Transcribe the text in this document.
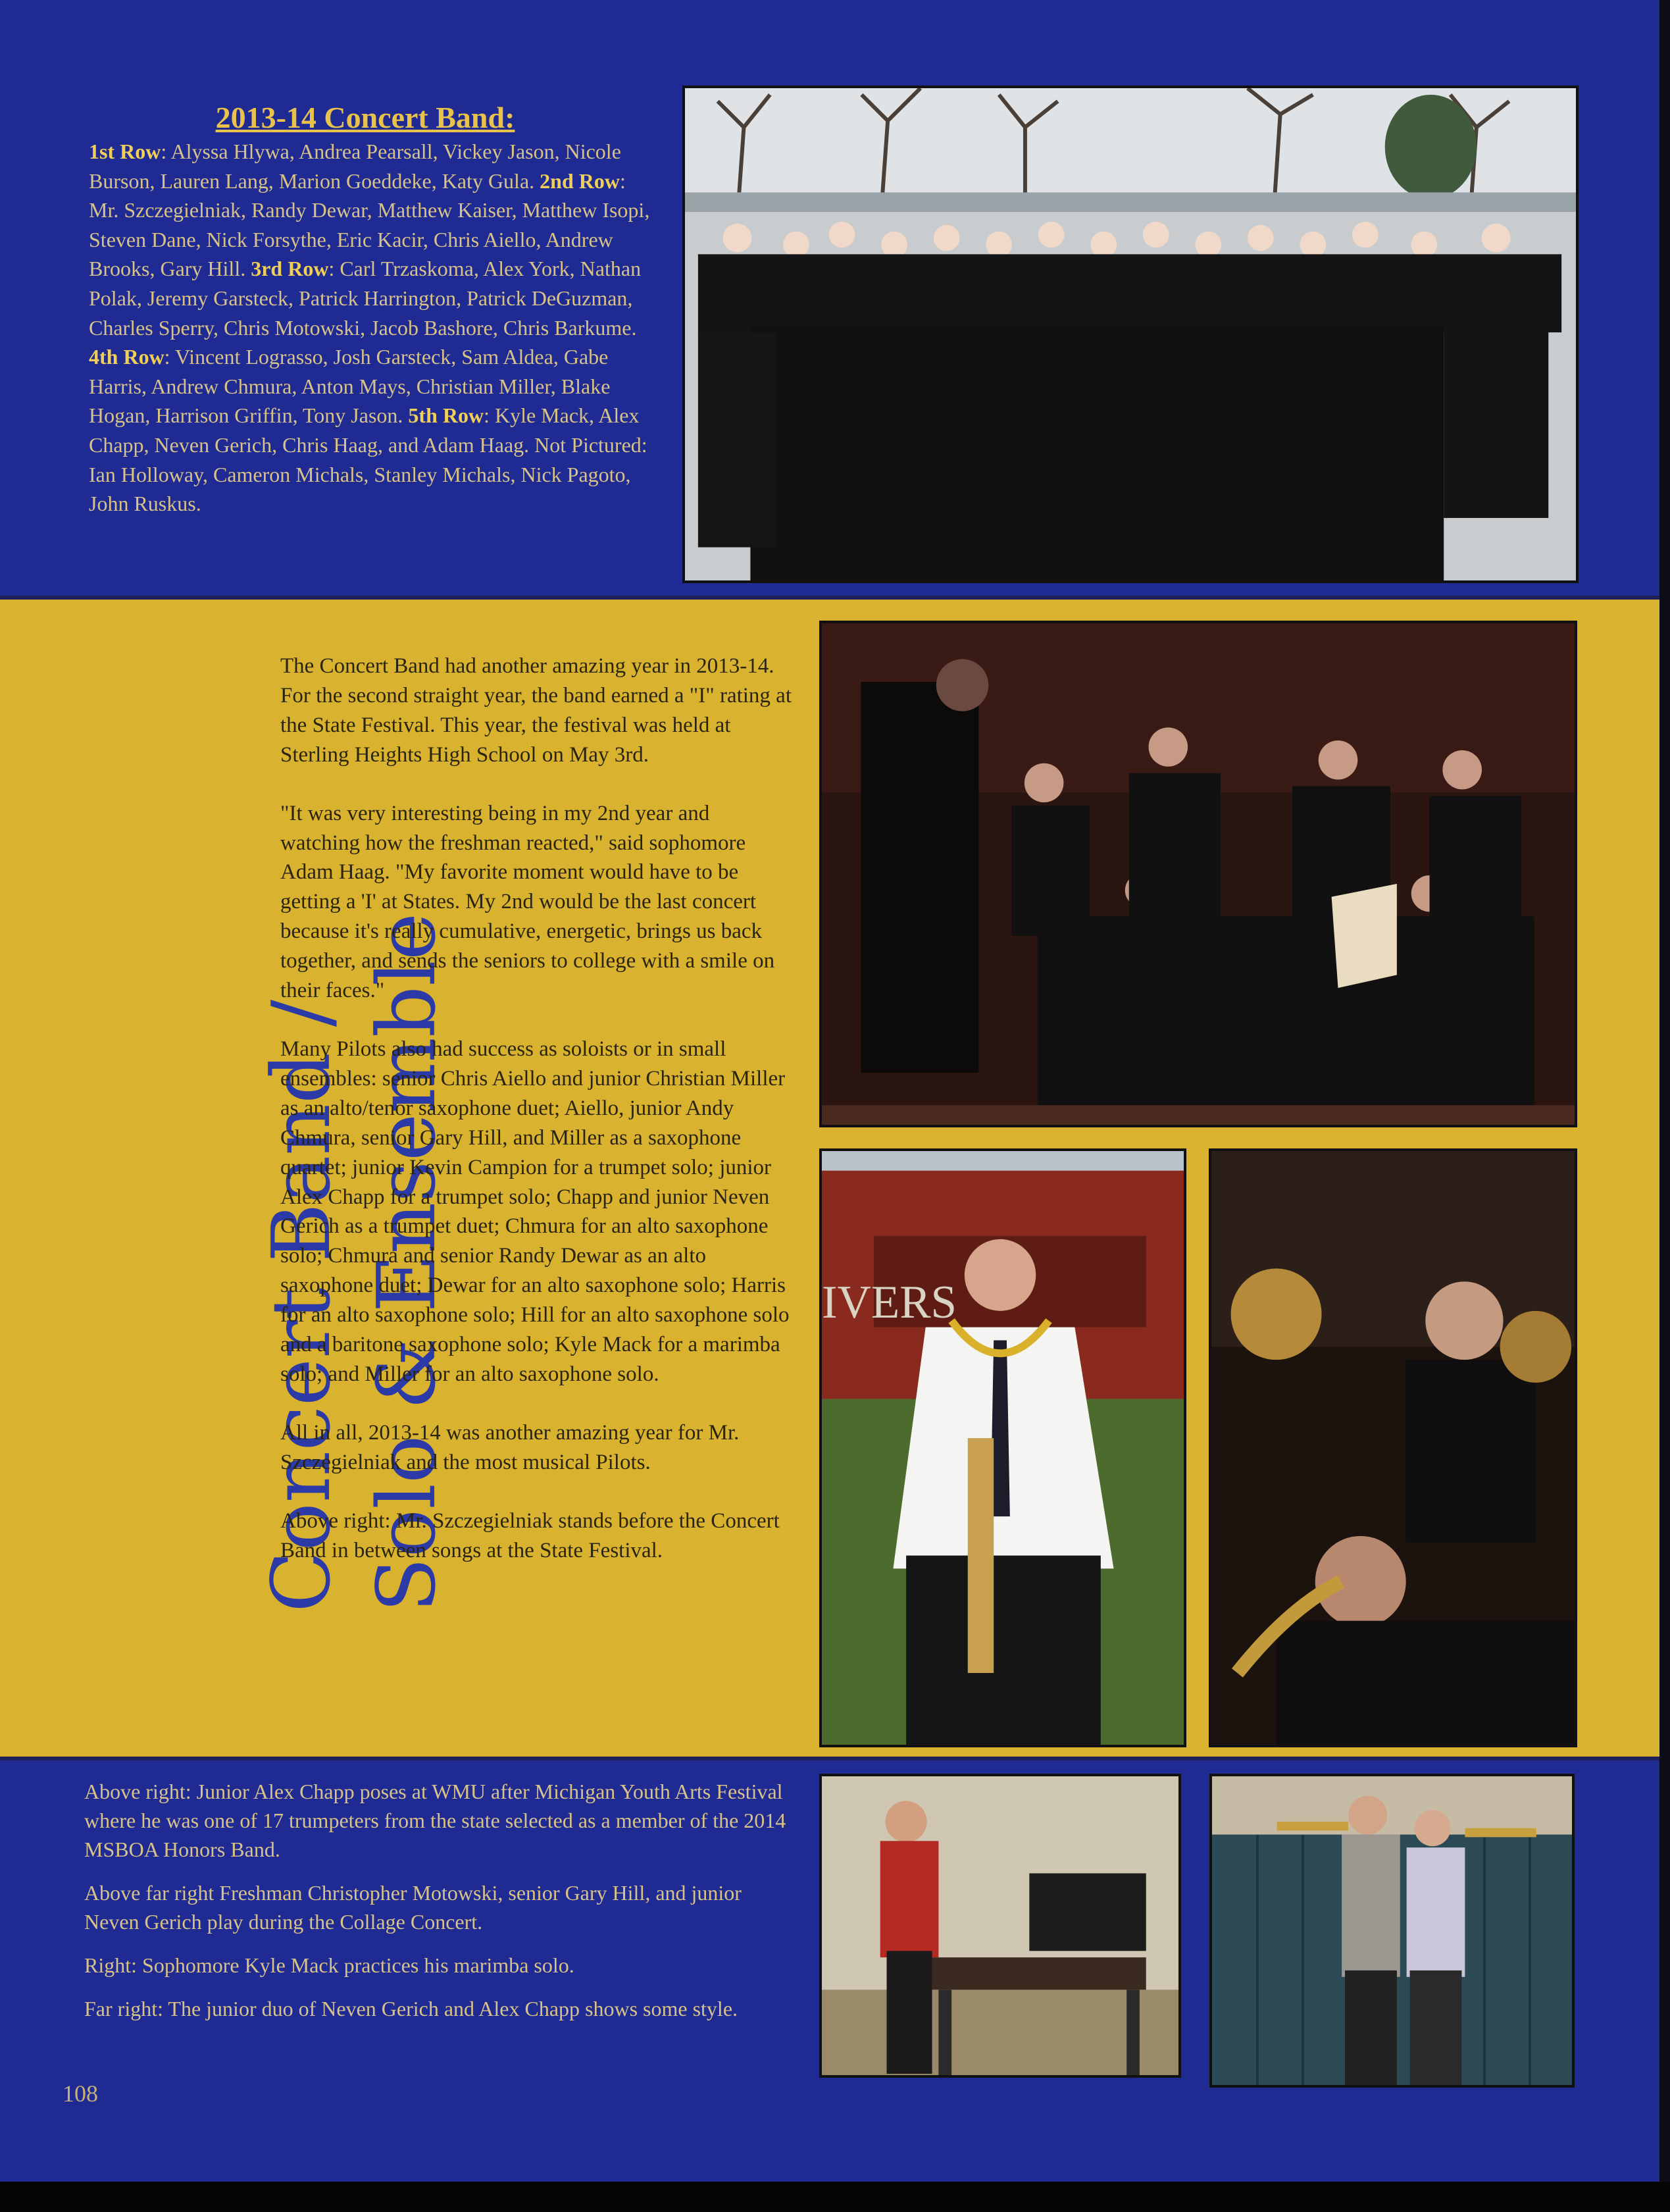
2013-14 Concert Band:
1st Row: Alyssa Hlywa, Andrea Pearsall, Vickey Jason, Nicole Burson, Lauren Lang, Marion Goeddeke, Katy Gula. 2nd Row: Mr. Szczegielniak, Randy Dewar, Matthew Kaiser, Matthew Isopi, Steven Dane, Nick Forsythe, Eric Kacir, Chris Aiello, Andrew Brooks, Gary Hill. 3rd Row: Carl Trzaskoma, Alex York, Nathan Polak, Jeremy Garsteck, Patrick Harrington, Patrick DeGuzman, Charles Sperry, Chris Motowski, Jacob Bashore, Chris Barkume. 4th Row: Vincent Lograsso, Josh Garsteck, Sam Aldea, Gabe Harris, Andrew Chmura, Anton Mays, Christian Miller, Blake Hogan, Harrison Griffin, Tony Jason. 5th Row: Kyle Mack, Alex Chapp, Neven Gerich, Chris Haag, and Adam Haag. Not Pictured: Ian Holloway, Cameron Michals, Stanley Michals, Nick Pagoto, John Ruskus.
Concert Band / Solo & Ensemble

The Concert Band had another amazing year in 2013-14. For the second straight year, the band earned a "I" rating at the State Festival. This year, the festival was held at Sterling Heights High School on May 3rd.

"It was very interesting being in my 2nd year and watching how the freshman reacted," said sophomore Adam Haag. "My favorite moment would have to be getting a 'I' at States. My 2nd would be the last concert because it's really cumulative, energetic, brings us back together, and sends the seniors to college with a smile on their faces."

Many Pilots also had success as soloists or in small ensembles: senior Chris Aiello and junior Christian Miller as an alto/tenor saxophone duet; Aiello, junior Andy Chmura, senior Gary Hill, and Miller as a saxophone quartet; junior Kevin Campion for a trumpet solo; junior Alex Chapp for a trumpet solo; Chapp and junior Neven Gerich as a trumpet duet; Chmura for an alto saxophone solo; Chmura and senior Randy Dewar as an alto saxophone duet; Dewar for an alto saxophone solo; Harris for an alto saxophone solo; Hill for an alto saxophone solo and a baritone saxophone solo; Kyle Mack for a marimba solo; and Miller for an alto saxophone solo.

All in all, 2013-14 was another amazing year for Mr. Szczegielniak and the most musical Pilots.

Above right: Mr. Szczegielniak stands before the Concert Band in between songs at the State Festival.

IVERS

Above right: Junior Alex Chapp poses at WMU after Michigan Youth Arts Festival where he was one of 17 trumpeters from the state selected as a member of the 2014 MSBOA Honors Band.

Above far right Freshman Christopher Motowski, senior Gary Hill, and junior Neven Gerich play during the Collage Concert.

Right: Sophomore Kyle Mack practices his marimba solo.

Far right: The junior duo of Neven Gerich and Alex Chapp shows some style.

108
